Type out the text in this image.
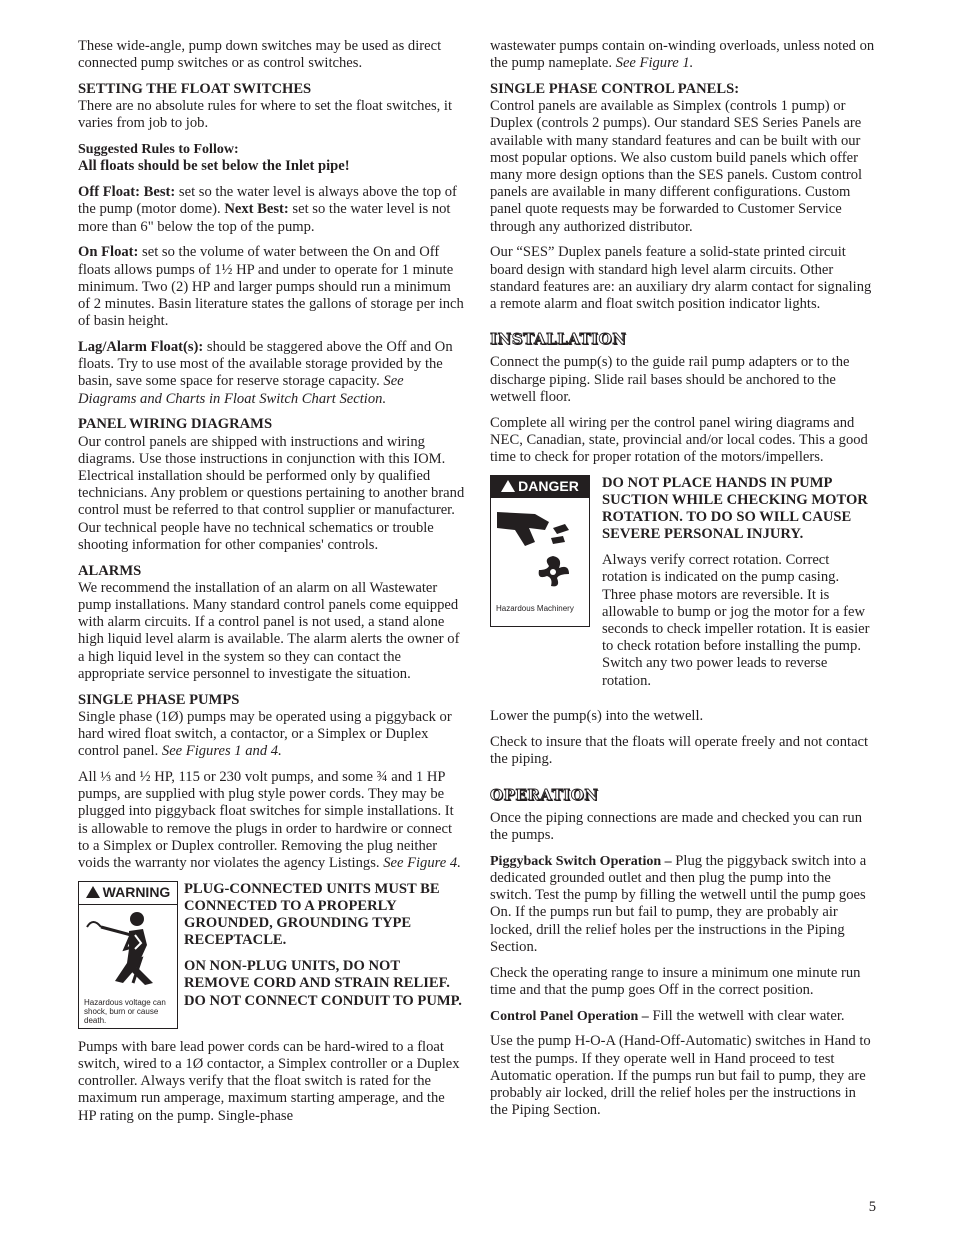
These wide-angle, pump down switches may be used as direct connected pump switches or as control switches.

SETTING THE FLOAT SWITCHES
There are no absolute rules for where to set the float switches, it varies from job to job.

Suggested Rules to Follow:
All floats should be set below the Inlet pipe!

Off Float: Best: set so the water level is always above the top of the pump (motor dome). Next Best: set so the water level is not more than 6" below the top of the pump.

On Float: set so the volume of water between the On and Off floats allows pumps of 1½ HP and under to operate for 1 minute minimum. Two (2) HP and larger pumps should run a minimum of 2 minutes. Basin literature states the gallons of storage per inch of basin height.

Lag/Alarm Float(s): should be staggered above the Off and On floats. Try to use most of the available storage provided by the basin, save some space for reserve storage capacity. See Diagrams and Charts in Float Switch Chart Section.

PANEL WIRING DIAGRAMS
Our control panels are shipped with instructions and wiring diagrams. Use those instructions in conjunction with this IOM. Electrical installation should be performed only by qualified technicians. Any problem or questions pertaining to another brand control must be referred to that control supplier or manufacturer. Our technical people have no technical schematics or trouble shooting information for other companies' controls.

ALARMS
We recommend the installation of an alarm on all Wastewater pump installations. Many standard control panels come equipped with alarm circuits. If a control panel is not used, a stand alone high liquid level alarm is available. The alarm alerts the owner of a high liquid level in the system so they can contact the appropriate service personnel to investigate the situation.

SINGLE PHASE PUMPS
Single phase (1Ø) pumps may be operated using a piggyback or hard wired float switch, a contactor, or a Simplex or Duplex control panel. See Figures 1 and 4.

All ⅓ and ½ HP, 115 or 230 volt pumps, and some ¾ and 1 HP pumps, are supplied with plug style power cords. They may be plugged into piggyback float switches for simple installations. It is allowable to remove the plugs in order to hardwire or connect to a Simplex or Duplex controller. Removing the plug neither voids the warranty nor violates the agency Listings. See Figure 4.

WARNING
Hazardous voltage can shock, burn or cause death.

PLUG-CONNECTED UNITS MUST BE CONNECTED TO A PROPERLY GROUNDED, GROUNDING TYPE RECEPTACLE.

ON NON-PLUG UNITS, DO NOT REMOVE CORD AND STRAIN RELIEF. DO NOT CONNECT CONDUIT TO PUMP.

Pumps with bare lead power cords can be hard-wired to a float switch, wired to a 1Ø contactor, a Simplex controller or a Duplex controller. Always verify that the float switch is rated for the maximum run amperage, maximum starting amperage, and the HP rating on the pump. Single-phase

wastewater pumps contain on-winding overloads, unless noted on the pump nameplate. See Figure 1.

SINGLE PHASE CONTROL PANELS:
Control panels are available as Simplex (controls 1 pump) or Duplex (controls 2 pumps). Our standard SES Series Panels are available with many standard features and can be built with our most popular options. We also custom build panels which offer many more design options than the SES panels. Custom control panels are available in many different configurations. Custom panel quote requests may be forwarded to Customer Service through any authorized distributor.

Our “SES” Duplex panels feature a solid-state printed circuit board design with standard high level alarm circuits. Other standard features are: an auxiliary dry alarm contact for signaling a remote alarm and float switch position indicator lights.

INSTALLATION

Connect the pump(s) to the guide rail pump adapters or to the discharge piping. Slide rail bases should be anchored to the wetwell floor.

Complete all wiring per the control panel wiring diagrams and NEC, Canadian, state, provincial and/or local codes. This a good time to check for proper rotation of the motors/impellers.

DANGER
Hazardous Machinery

DO NOT PLACE HANDS IN PUMP SUCTION WHILE CHECKING MOTOR ROTATION. TO DO SO WILL CAUSE SEVERE PERSONAL INJURY.

Always verify correct rotation. Correct rotation is indicated on the pump casing. Three phase motors are reversible. It is allowable to bump or jog the motor for a few seconds to check impeller rotation. It is easier to check rotation before installing the pump. Switch any two power leads to reverse rotation.

Lower the pump(s) into the wetwell.

Check to insure that the floats will operate freely and not contact the piping.

OPERATION

Once the piping connections are made and checked you can run the pumps.

Piggyback Switch Operation – Plug the piggyback switch into a dedicated grounded outlet and then plug the pump into the switch. Test the pump by filling the wetwell until the pump goes On. If the pumps run but fail to pump, they are probably air locked, drill the relief holes per the instructions in the Piping Section.

Check the operating range to insure a minimum one minute run time and that the pump goes Off in the correct position.

Control Panel Operation – Fill the wetwell with clear water.

Use the pump H-O-A (Hand-Off-Automatic) switches in Hand to test the pumps. If they operate well in Hand proceed to test Automatic operation. If the pumps run but fail to pump, they are probably air locked, drill the relief holes per the instructions in the Piping Section.

5
